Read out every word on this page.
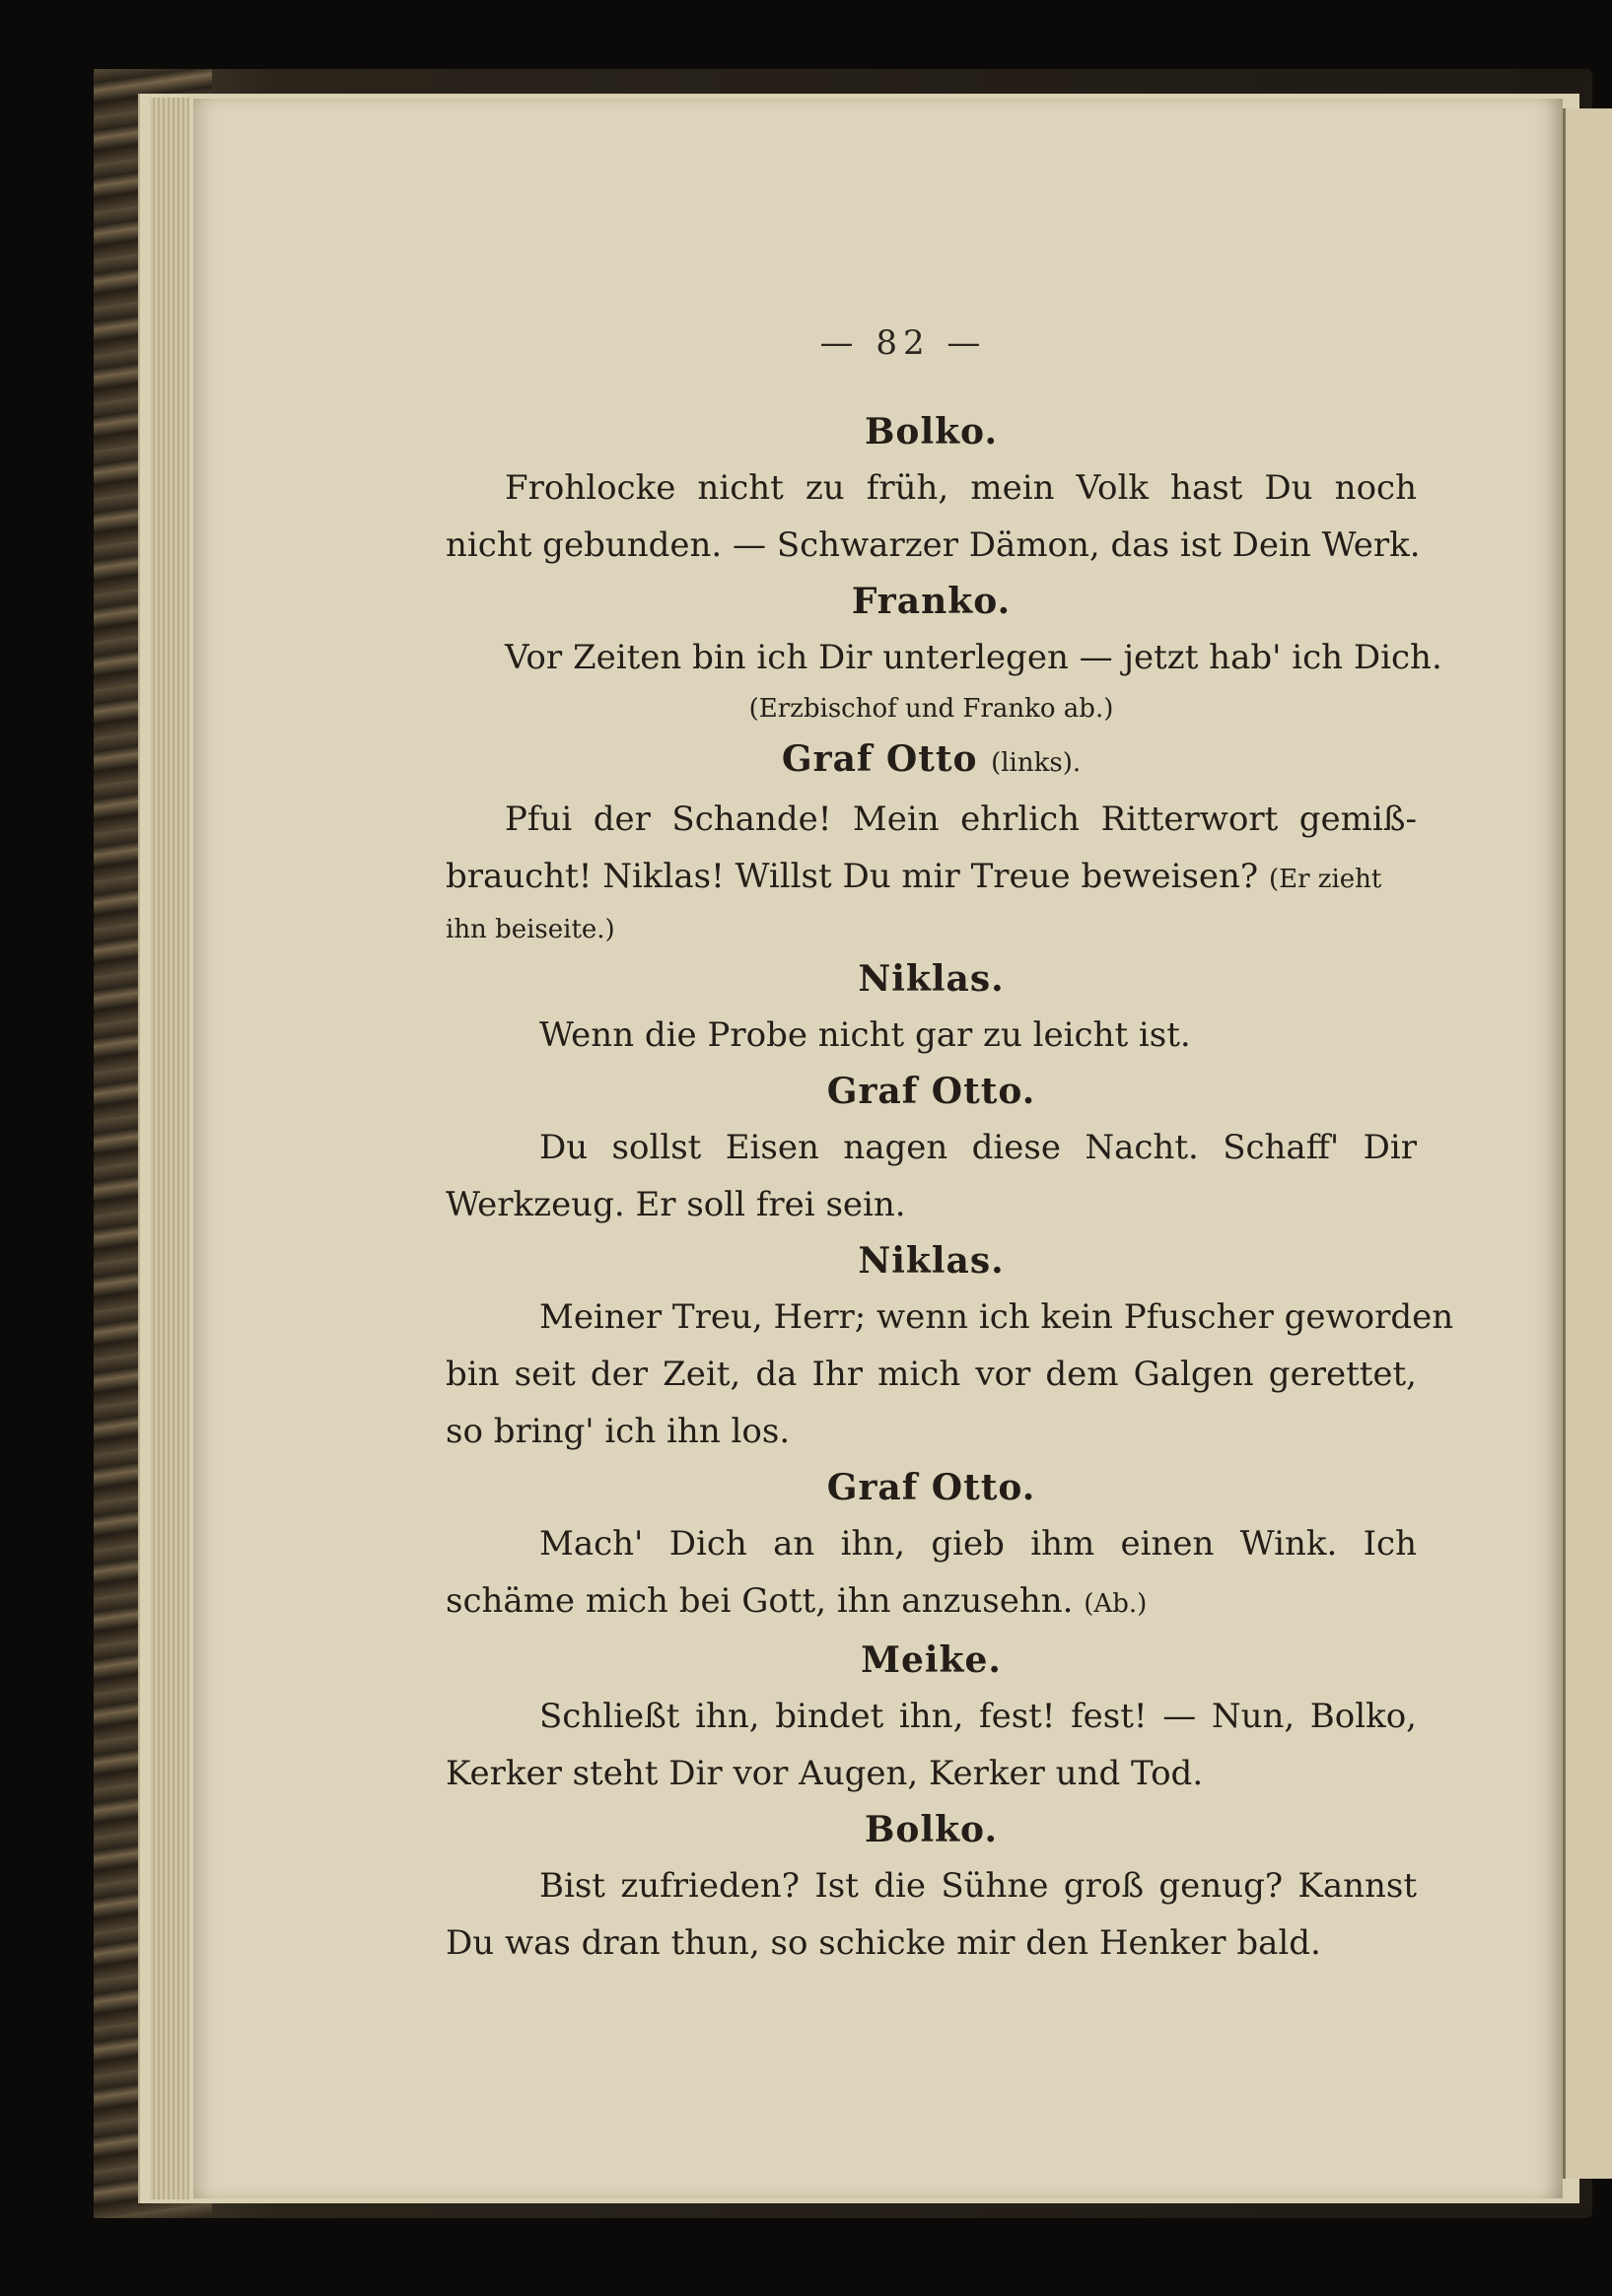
— 82 —

Bolko.

Frohlocke nicht zu früh, mein Volk hast Du noch

nicht gebunden. — Schwarzer Dämon, das ist Dein Werk.

Franko.

Vor Zeiten bin ich Dir unterlegen — jetzt hab' ich Dich.

(Erzbischof und Franko ab.)

Graf Otto (links).

Pfui der Schande! Mein ehrlich Ritterwort gemiß-

braucht! Niklas! Willst Du mir Treue beweisen? (Er zieht

ihn beiseite.)

Niklas.

Wenn die Probe nicht gar zu leicht ist.

Graf Otto.

Du sollst Eisen nagen diese Nacht. Schaff' Dir

Werkzeug. Er soll frei sein.

Niklas.

Meiner Treu, Herr; wenn ich kein Pfuscher geworden

bin seit der Zeit, da Ihr mich vor dem Galgen gerettet,

so bring' ich ihn los.

Graf Otto.

Mach' Dich an ihn, gieb ihm einen Wink. Ich

schäme mich bei Gott, ihn anzusehn. (Ab.)

Meike.

Schließt ihn, bindet ihn, fest! fest! — Nun, Bolko,

Kerker steht Dir vor Augen, Kerker und Tod.

Bolko.

Bist zufrieden? Ist die Sühne groß genug? Kannst

Du was dran thun, so schicke mir den Henker bald.
